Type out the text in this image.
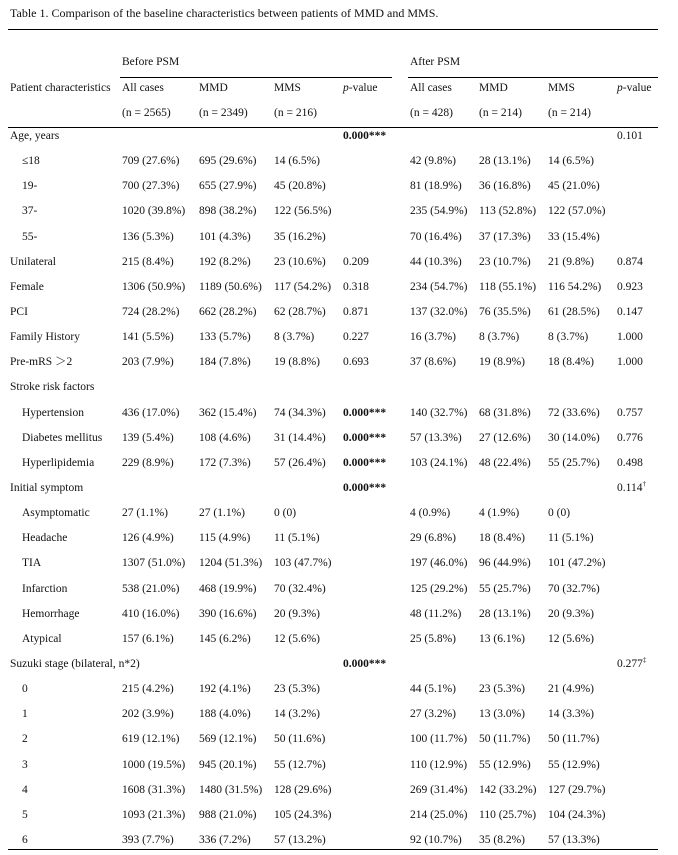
Table 1. Comparison of the baseline characteristics between patients of MMD and MMS.
Before PSM	After PSM
Patient characteristics All cases	MMD	MMS	p-value	All cases MMD	MMS	p-value
(n = 2565) (n = 2349) (n = 216)	(n = 428) (n = 214) (n = 214)
Age, years	0.000***	0.101
≤18	709 (27.6%) 695 (29.6%) 14 (6.5%)	42 (9.8%) 28 (13.1%) 14 (6.5%)
19-	700 (27.3%) 655 (27.9%) 45 (20.8%)	81 (18.9%) 36 (16.8%) 45 (21.0%)
37-	1020 (39.8%) 898 (38.2%) 122 (56.5%)	235 (54.9%) 113 (52.8%) 122 (57.0%)
55-	136 (5.3%) 101 (4.3%) 35 (16.2%)	70 (16.4%) 37 (17.3%) 33 (15.4%)
Unilateral	215 (8.4%) 192 (8.2%) 23 (10.6%) 0.209	44 (10.3%) 23 (10.7%) 21 (9.8%) 0.874
Female	1306 (50.9%) 1189 (50.6%) 117 (54.2%) 0.318	234 (54.7%) 118 (55.1%) 116 54.2%) 0.923
PCI	724 (28.2%) 662 (28.2%) 62 (28.7%) 0.871	137 (32.0%) 76 (35.5%) 61 (28.5%) 0.147
Family History	141 (5.5%) 133 (5.7%) 8 (3.7%)	0.227	16 (3.7%) 8 (3.7%)	8 (3.7%)	1.000
Pre-mRS ＞2	203 (7.9%) 184 (7.8%) 19 (8.8%) 0.693	37 (8.6%) 19 (8.9%) 18 (8.4%) 1.000
Stroke risk factors
Hypertension	436 (17.0%) 362 (15.4%) 74 (34.3%) 0.000*** 140 (32.7%) 68 (31.8%) 72 (33.6%) 0.757
Diabetes mellitus 139 (5.4%) 108 (4.6%) 31 (14.4%) 0.000*** 57 (13.3%) 27 (12.6%) 30 (14.0%) 0.776
Hyperlipidemia 229 (8.9%) 172 (7.3%) 57 (26.4%) 0.000*** 103 (24.1%) 48 (22.4%) 55 (25.7%) 0.498
Initial symptom	0.000***	0.114†
Asymptomatic	27 (1.1%)	27 (1.1%)	0 (0)	4 (0.9%)	4 (1.9%)	0 (0)
Headache	126 (4.9%) 115 (4.9%) 11 (5.1%)	29 (6.8%) 18 (8.4%) 11 (5.1%)
TIA	1307 (51.0%) 1204 (51.3%) 103 (47.7%)	197 (46.0%) 96 (44.9%) 101 (47.2%)
Infarction	538 (21.0%) 468 (19.9%) 70 (32.4%)	125 (29.2%) 55 (25.7%) 70 (32.7%)
Hemorrhage	410 (16.0%) 390 (16.6%) 20 (9.3%)	48 (11.2%) 28 (13.1%) 20 (9.3%)
Atypical	157 (6.1%) 145 (6.2%) 12 (5.6%)	25 (5.8%) 13 (6.1%) 12 (5.6%)
Suzuki stage (bilateral, n*2)	0.000***	0.277‡
0	215 (4.2%) 192 (4.1%) 23 (5.3%)	44 (5.1%) 23 (5.3%) 21 (4.9%)
1	202 (3.9%) 188 (4.0%) 14 (3.2%)	27 (3.2%) 13 (3.0%) 14 (3.3%)
2	619 (12.1%) 569 (12.1%) 50 (11.6%)	100 (11.7%) 50 (11.7%) 50 (11.7%)
3	1000 (19.5%) 945 (20.1%) 55 (12.7%)	110 (12.9%) 55 (12.9%) 55 (12.9%)
4	1608 (31.3%) 1480 (31.5%) 128 (29.6%)	269 (31.4%) 142 (33.2%) 127 (29.7%)
5	1093 (21.3%) 988 (21.0%) 105 (24.3%)	214 (25.0%) 110 (25.7%) 104 (24.3%)
6	393 (7.7%) 336 (7.2%) 57 (13.2%)	92 (10.7%) 35 (8.2%) 57 (13.3%)
